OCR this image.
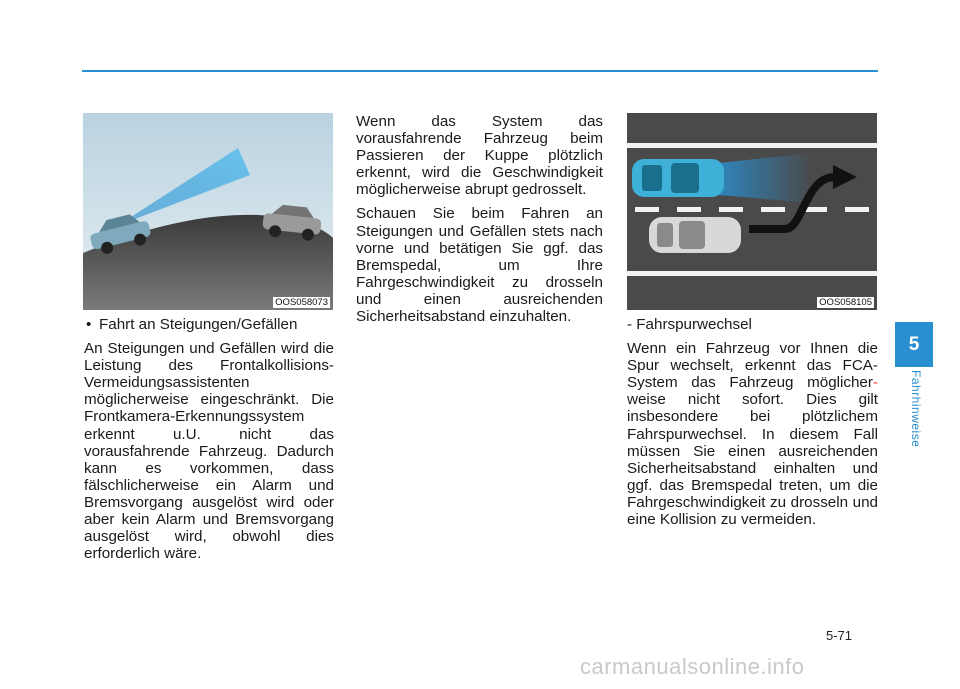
OOS058073	OOS058105

• Fahrt an Steigungen/Gefällen

An Steigungen und Gefällen wird die Leistung des Frontalkollisions-Vermeidungsassistenten möglicherweise eingeschränkt. Die Frontkamera-Erkennungssystem erkennt u.U. nicht das vorausfahrende Fahrzeug. Dadurch kann es vorkommen, dass fälschlicherweise ein Alarm und Bremsvorgang ausgelöst wird oder aber kein Alarm und Bremsvorgang ausgelöst wird, obwohl dies erforderlich wäre.

Wenn das System das vorausfahrende Fahrzeug beim Passieren der Kuppe plötzlich erkennt, wird die Geschwindigkeit möglicherweise abrupt gedrosselt.

Schauen Sie beim Fahren an Steigungen und Gefällen stets nach vorne und betätigen Sie ggf. das Bremspedal, um Ihre Fahrgeschwindigkeit zu drosseln und einen ausreichenden Sicherheitsabstand einzuhalten.	- Fahrspurwechsel

Wenn ein Fahrzeug vor Ihnen die Spur wechselt, erkennt das FCA-System das Fahrzeug möglicher- weise nicht sofort. Dies gilt insbesondere bei plötzlichem Fahrspurwechsel. In diesem Fall müssen Sie einen ausreichenden Sicherheitsabstand einhalten und ggf. das Bremspedal treten, um die Fahrgeschwindigkeit zu drosseln und eine Kollision zu vermeiden.

5
Fahrhinweise
5-71
carmanualsonline.info
